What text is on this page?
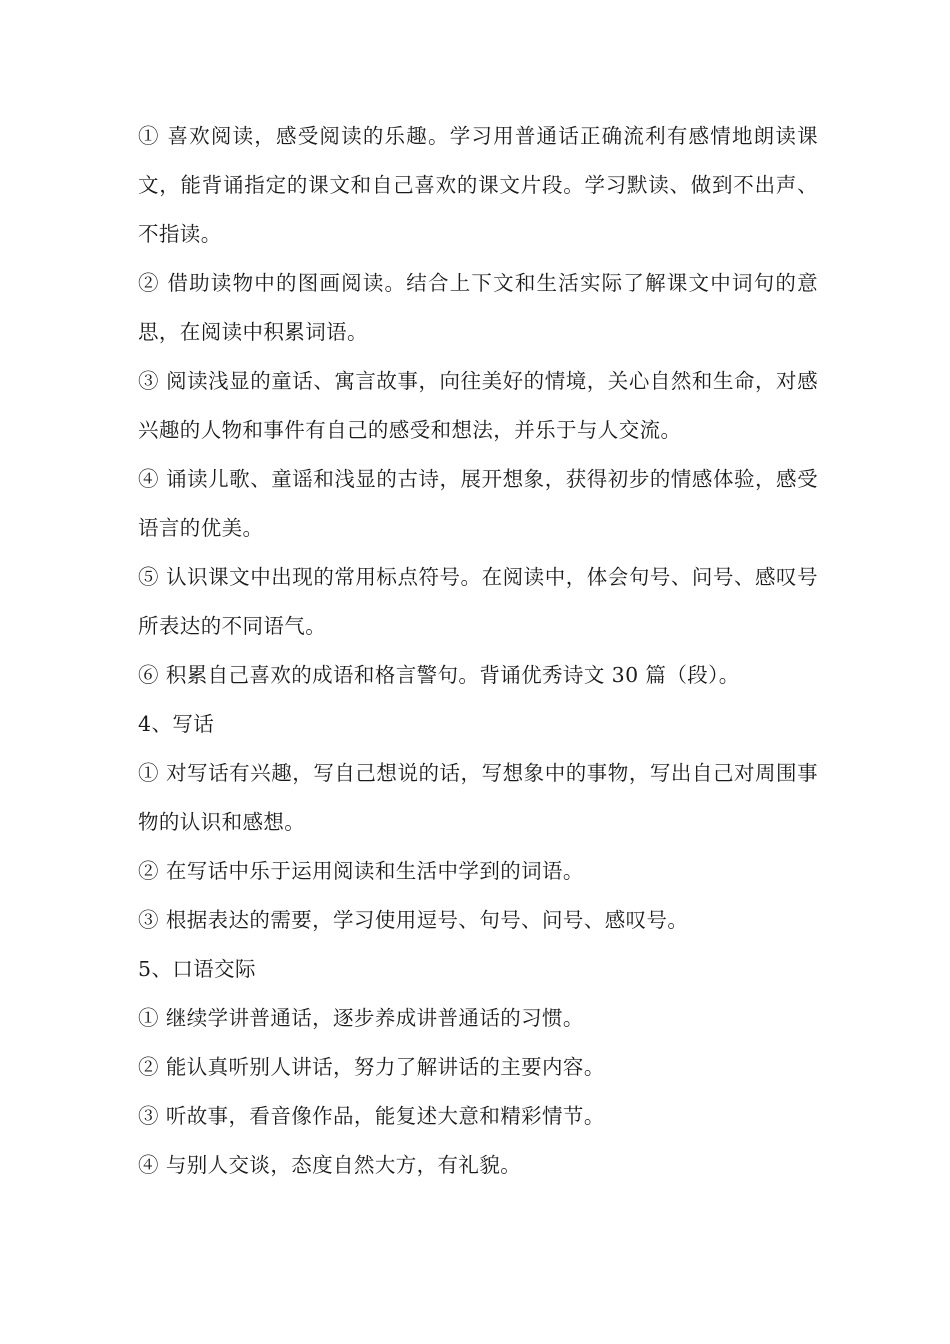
① 喜欢阅读，感受阅读的乐趣。学习用普通话正确流利有感情地朗读课文，能背诵指定的课文和自己喜欢的课文片段。学习默读、做到不出声、不指读。

② 借助读物中的图画阅读。结合上下文和生活实际了解课文中词句的意思，在阅读中积累词语。

③ 阅读浅显的童话、寓言故事，向往美好的情境，关心自然和生命，对感兴趣的人物和事件有自己的感受和想法，并乐于与人交流。

④ 诵读儿歌、童谣和浅显的古诗，展开想象，获得初步的情感体验，感受语言的优美。

⑤ 认识课文中出现的常用标点符号。在阅读中，体会句号、问号、感叹号所表达的不同语气。

⑥ 积累自己喜欢的成语和格言警句。背诵优秀诗文 30 篇（段）。

4、写话

① 对写话有兴趣，写自己想说的话，写想象中的事物，写出自己对周围事物的认识和感想。

② 在写话中乐于运用阅读和生活中学到的词语。

③ 根据表达的需要，学习使用逗号、句号、问号、感叹号。

5、口语交际

① 继续学讲普通话，逐步养成讲普通话的习惯。

② 能认真听别人讲话，努力了解讲话的主要内容。

③ 听故事，看音像作品，能复述大意和精彩情节。

④ 与别人交谈，态度自然大方，有礼貌。
